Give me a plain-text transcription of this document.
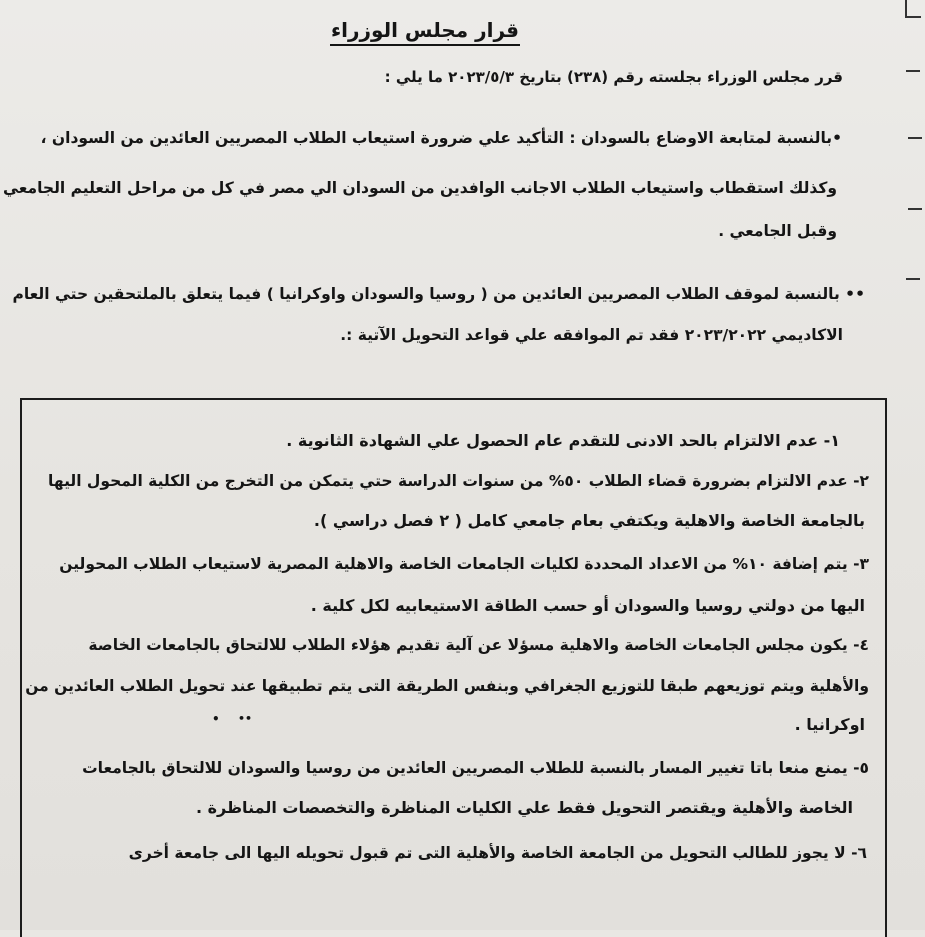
قرار مجلس الوزراء
قرر مجلس الوزراء بجلسته رقم (٢٣٨) بتاريخ ٢٠٢٣/٥/٣ ما يلي :
•بالنسبة لمتابعة الاوضاع بالسودان : التأكيد علي ضرورة استيعاب الطلاب المصريين العائدين من السودان ،
وكذلك استقطاب واستيعاب الطلاب الاجانب الوافدين من السودان الي مصر في كل من مراحل التعليم الجامعي
وقبل الجامعي .
•• بالنسبة لموقف الطلاب المصريين العائدين من ( روسيا والسودان واوكرانيا ) فيما يتعلق بالملتحقين حتي العام
الاكاديمي ٢٠٢٣/٢٠٢٢ فقد تم الموافقه علي قواعد التحويل الآتية :.
١- عدم الالتزام بالحد الادنى للتقدم عام الحصول علي الشهادة الثانوية .
٢- عدم الالتزام بضرورة قضاء الطلاب ٥٠% من سنوات الدراسة حتي يتمكن من التخرج من الكلية المحول اليها
بالجامعة الخاصة والاهلية ويكتفي بعام جامعي كامل ( ٢ فصل دراسي ).
٣- يتم إضافة ١٠% من الاعداد المحددة لكليات الجامعات الخاصة والاهلية المصرية لاستيعاب الطلاب المحولين
اليها من دولتي روسيا والسودان أو حسب الطاقة الاستيعابيه لكل كلية .
٤- يكون مجلس الجامعات الخاصة والاهلية مسؤلا عن آلية تقديم هؤلاء الطلاب للالتحاق بالجامعات الخاصة
والأهلية ويتم توزيعهم طبقا للتوزيع الجغرافي وبنفس الطريقة التى يتم تطبيقها عند تحويل الطلاب العائدين من
اوكرانيا .
٥- يمنع منعا باتا تغيير المسار بالنسبة للطلاب المصريين العائدين من روسيا والسودان للالتحاق بالجامعات
الخاصة والأهلية ويقتصر التحويل فقط علي الكليات المناظرة والتخصصات المناظرة .
٦- لا يجوز للطالب التحويل من الجامعة الخاصة والأهلية التى تم قبول تحويله اليها الى جامعة أخرى
• ••
